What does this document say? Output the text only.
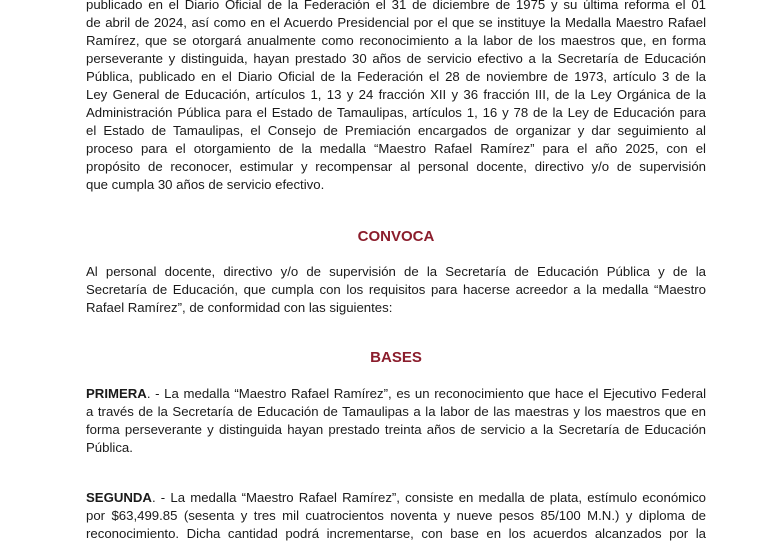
publicado en el Diario Oficial de la Federación el 31 de diciembre de 1975 y su última reforma el 01
de abril de 2024, así como en el Acuerdo Presidencial por el que se instituye la Medalla Maestro Rafael
Ramírez, que se otorgará anualmente como reconocimiento a la labor de los maestros que, en forma
perseverante y distinguida, hayan prestado 30 años de servicio efectivo a la Secretaría de Educación
Pública, publicado en el Diario Oficial de la Federación el 28 de noviembre de 1973, artículo 3 de la
Ley General de Educación, artículos 1, 13 y 24 fracción XII y 36 fracción III, de la Ley Orgánica de la
Administración Pública para el Estado de Tamaulipas, artículos 1, 16 y 78 de la Ley de Educación para
el Estado de Tamaulipas, el Consejo de Premiación encargados de organizar y dar seguimiento al
proceso para el otorgamiento de la medalla “Maestro Rafael Ramírez” para el año 2025, con el
propósito de reconocer, estimular y recompensar al personal docente, directivo y/o de supervisión
que cumpla 30 años de servicio efectivo.

CONVOCA

Al personal docente, directivo y/o de supervisión de la Secretaría de Educación Pública y de la
Secretaría de Educación, que cumpla con los requisitos para hacerse acreedor a la medalla “Maestro
Rafael Ramírez”, de conformidad con las siguientes:

BASES

PRIMERA. - La medalla “Maestro Rafael Ramírez”, es un reconocimiento que hace el Ejecutivo Federal
a través de la Secretaría de Educación de Tamaulipas a la labor de las maestras y los maestros que en
forma perseverante y distinguida hayan prestado treinta años de servicio a la Secretaría de Educación
Pública.

SEGUNDA. - La medalla “Maestro Rafael Ramírez”, consiste en medalla de plata, estímulo económico
por $63,499.85 (sesenta y tres mil cuatrocientos noventa y nueve pesos 85/100 M.N.) y diploma de
reconocimiento. Dicha cantidad podrá incrementarse, con base en los acuerdos alcanzados por la
